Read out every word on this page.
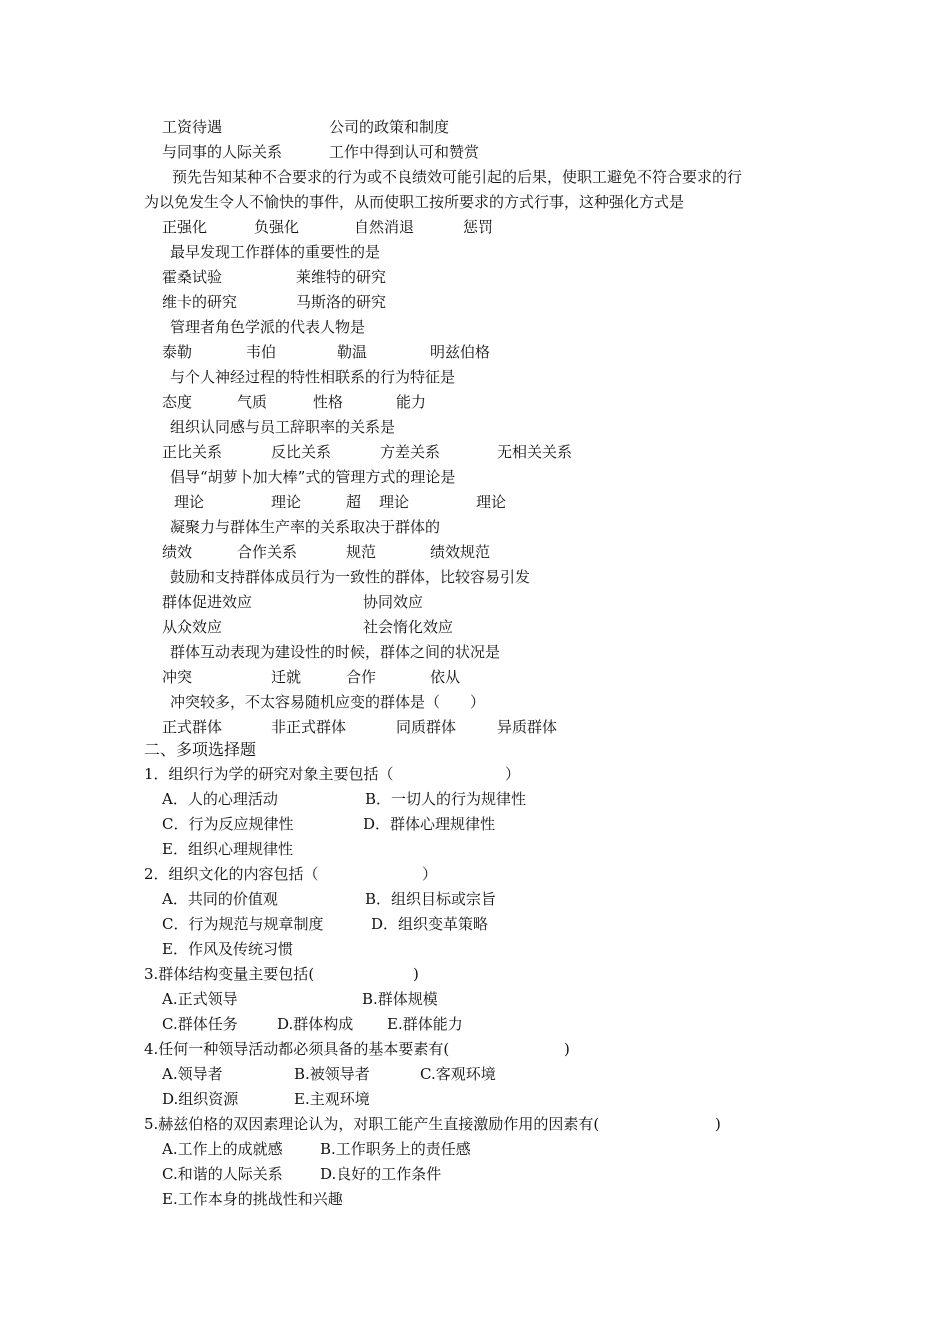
工资待遇	公司的政策和制度
与同事的人际关系	工作中得到认可和赞赏
预先告知某种不合要求的行为或不良绩效可能引起的后果，使职工避免不符合要求的行
为以免发生令人不愉快的事件，从而使职工按所要求的方式行事，这种强化方式是
正强化	负强化	自然消退	惩罚
最早发现工作群体的重要性的是
霍桑试验	莱维特的研究
维卡的研究	马斯洛的研究
管理者角色学派的代表人物是
泰勒	韦伯	勒温	明兹伯格
与个人神经过程的特性相联系的行为特征是
态度	气质	性格	能力
组织认同感与员工辞职率的关系是
正比关系	反比关系	方差关系	无相关关系
倡导“胡萝卜加大棒”式的管理方式的理论是
理论	理论	超 理论	理论
凝聚力与群体生产率的关系取决于群体的
绩效	合作关系	规范	绩效规范
鼓励和支持群体成员行为一致性的群体，比较容易引发
群体促进效应	协同效应
从众效应	社会惰化效应
群体互动表现为建设性的时候，群体之间的状况是
冲突	迁就	合作	依从
冲突较多，不太容易随机应变的群体是（　　）
正式群体	非正式群体	同质群体	异质群体
二、多项选择题
1．组织行为学的研究对象主要包括（	）
A．人的心理活动	B．一切人的行为规律性
C．行为反应规律性	D．群体心理规律性
E．组织心理规律性
2．组织文化的内容包括（	）
A．共同的价值观	B．组织目标或宗旨
C．行为规范与规章制度	D．组织变革策略
E．作风及传统习惯
3.群体结构变量主要包括(	)
A.正式领导	B.群体规模
C.群体任务	D.群体构成 E.群体能力
4.任何一种领导活动都必须具备的基本要素有(	)
A.领导者	B.被领导者	C.客观环境
D.组织资源	E.主观环境
5.赫兹伯格的双因素理论认为，对职工能产生直接激励作用的因素有(	)
A.工作上的成就感 B.工作职务上的责任感
C.和谐的人际关系 D.良好的工作条件
E.工作本身的挑战性和兴趣
